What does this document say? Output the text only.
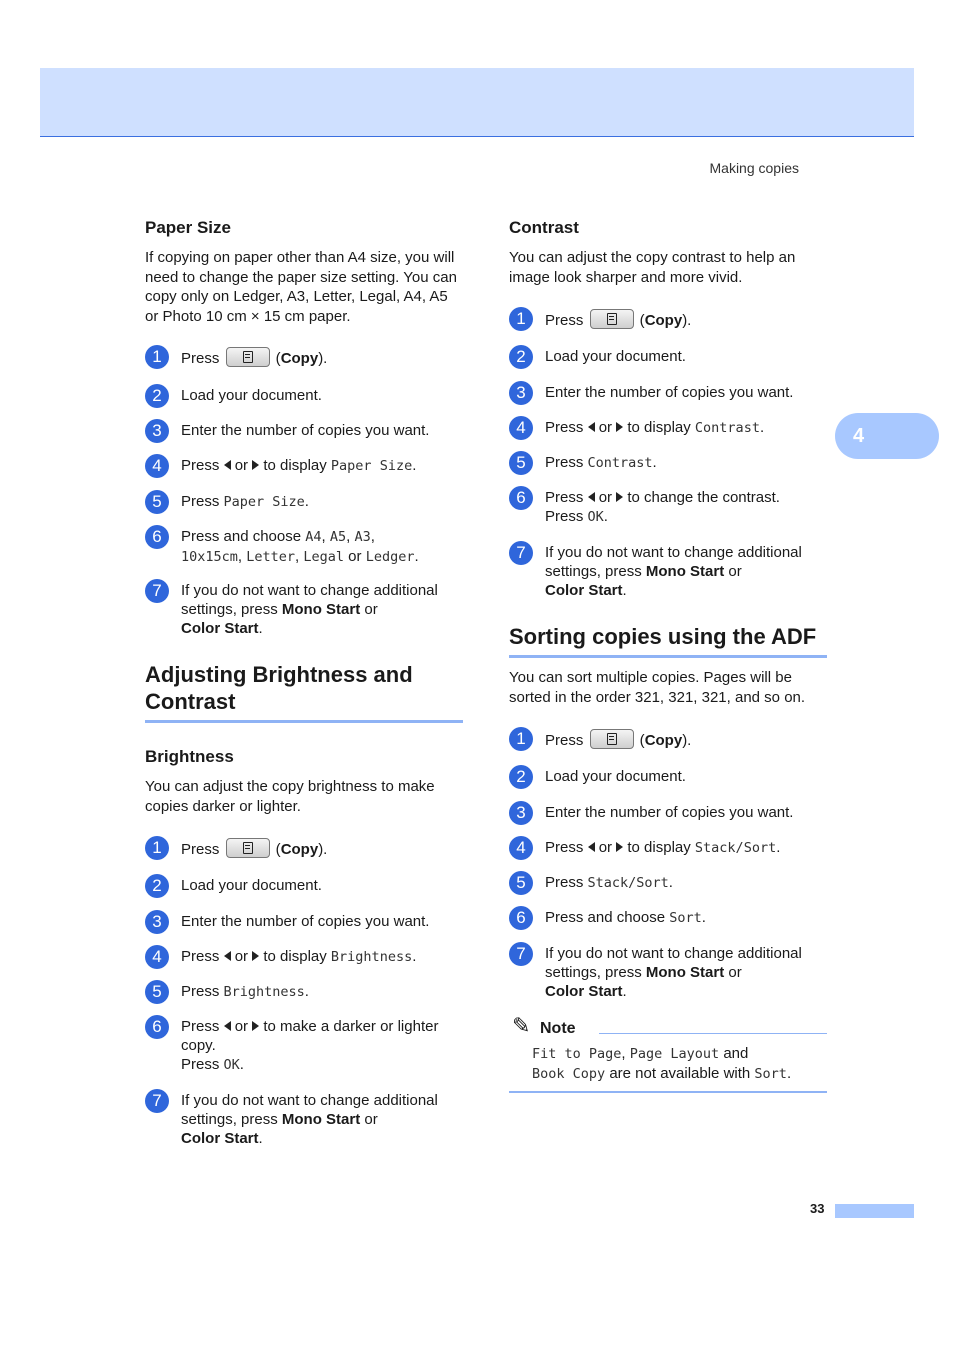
Making copies
4
Paper Size

If copying on paper other than A4 size, you will need to change the paper size setting. You can copy only on Ledger, A3, Letter, Legal, A4, A5 or Photo 10 cm × 15 cm paper.

1	Press	(Copy).
2	Load your document.
3	Enter the number of copies you want.
4	Press or to display Paper Size.
5	Press Paper Size.
6	Press and choose A4, A5, A3,
10x15cm, Letter, Legal or Ledger.
7	If you do not want to change additional settings, press Mono Start or
Color Start.
Adjusting Brightness and Contrast
Brightness

You can adjust the copy brightness to make copies darker or lighter.

1	Press	(Copy).
2	Load your document.
3	Enter the number of copies you want.
4	Press or to display Brightness.
5	Press Brightness.
6	Press or to make a darker or lighter copy.
Press OK.
7	If you do not want to change additional settings, press Mono Start or
Color Start.
Contrast

You can adjust the copy contrast to help an image look sharper and more vivid.

1	Press	(Copy).
2	Load your document.
3	Enter the number of copies you want.
4	Press or to display Contrast.
5	Press Contrast.
6	Press or to change the contrast.
Press OK.
7	If you do not want to change additional settings, press Mono Start or
Color Start.
Sorting copies using the ADF

You can sort multiple copies. Pages will be sorted in the order 321, 321, 321, and so on.

1	Press	(Copy).
2	Load your document.
3	Enter the number of copies you want.
4	Press or to display Stack/Sort.
5	Press Stack/Sort.
6	Press and choose Sort.
7	If you do not want to change additional settings, press Mono Start or
Color Start.
✎ Note
Fit to Page, Page Layout and
Book Copy are not available with Sort.
33
